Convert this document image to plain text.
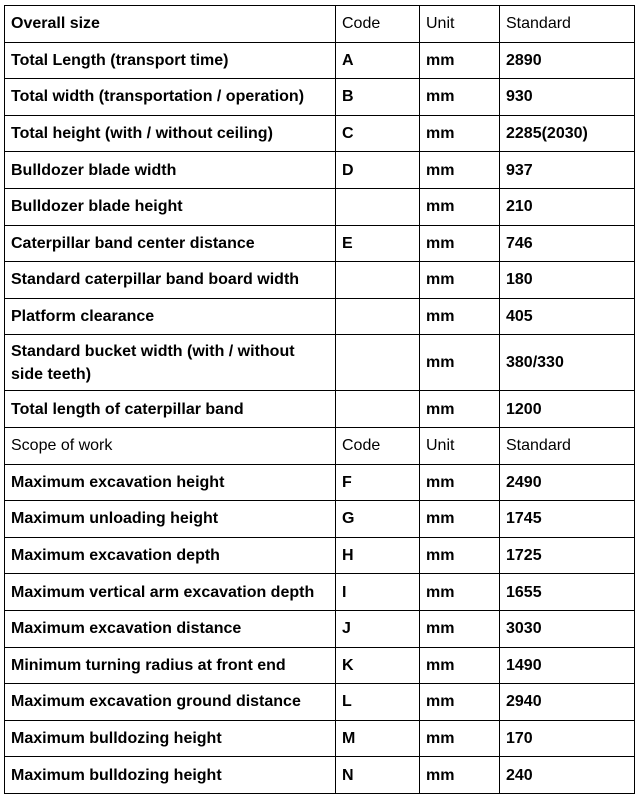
Overall size	Code	Unit	Standard
Total Length (transport time)	A	mm	2890
Total width (transportation / operation)	B	mm	930
Total height (with / without ceiling)	C	mm	2285(2030)
Bulldozer blade width	D	mm	937
Bulldozer blade height		mm	210
Caterpillar band center distance	E	mm	746
Standard caterpillar band board width		mm	180
Platform clearance		mm	405
Standard bucket width (with / without side teeth)		mm	380/330
Total length of caterpillar band		mm	1200
Scope of work	Code	Unit	Standard
Maximum excavation height	F	mm	2490
Maximum unloading height	G	mm	1745
Maximum excavation depth	H	mm	1725
Maximum vertical arm excavation depth	I	mm	1655
Maximum excavation distance	J	mm	3030
Minimum turning radius at front end	K	mm	1490
Maximum excavation ground distance	L	mm	2940
Maximum bulldozing height	M	mm	170
Maximum bulldozing height	N	mm	240
